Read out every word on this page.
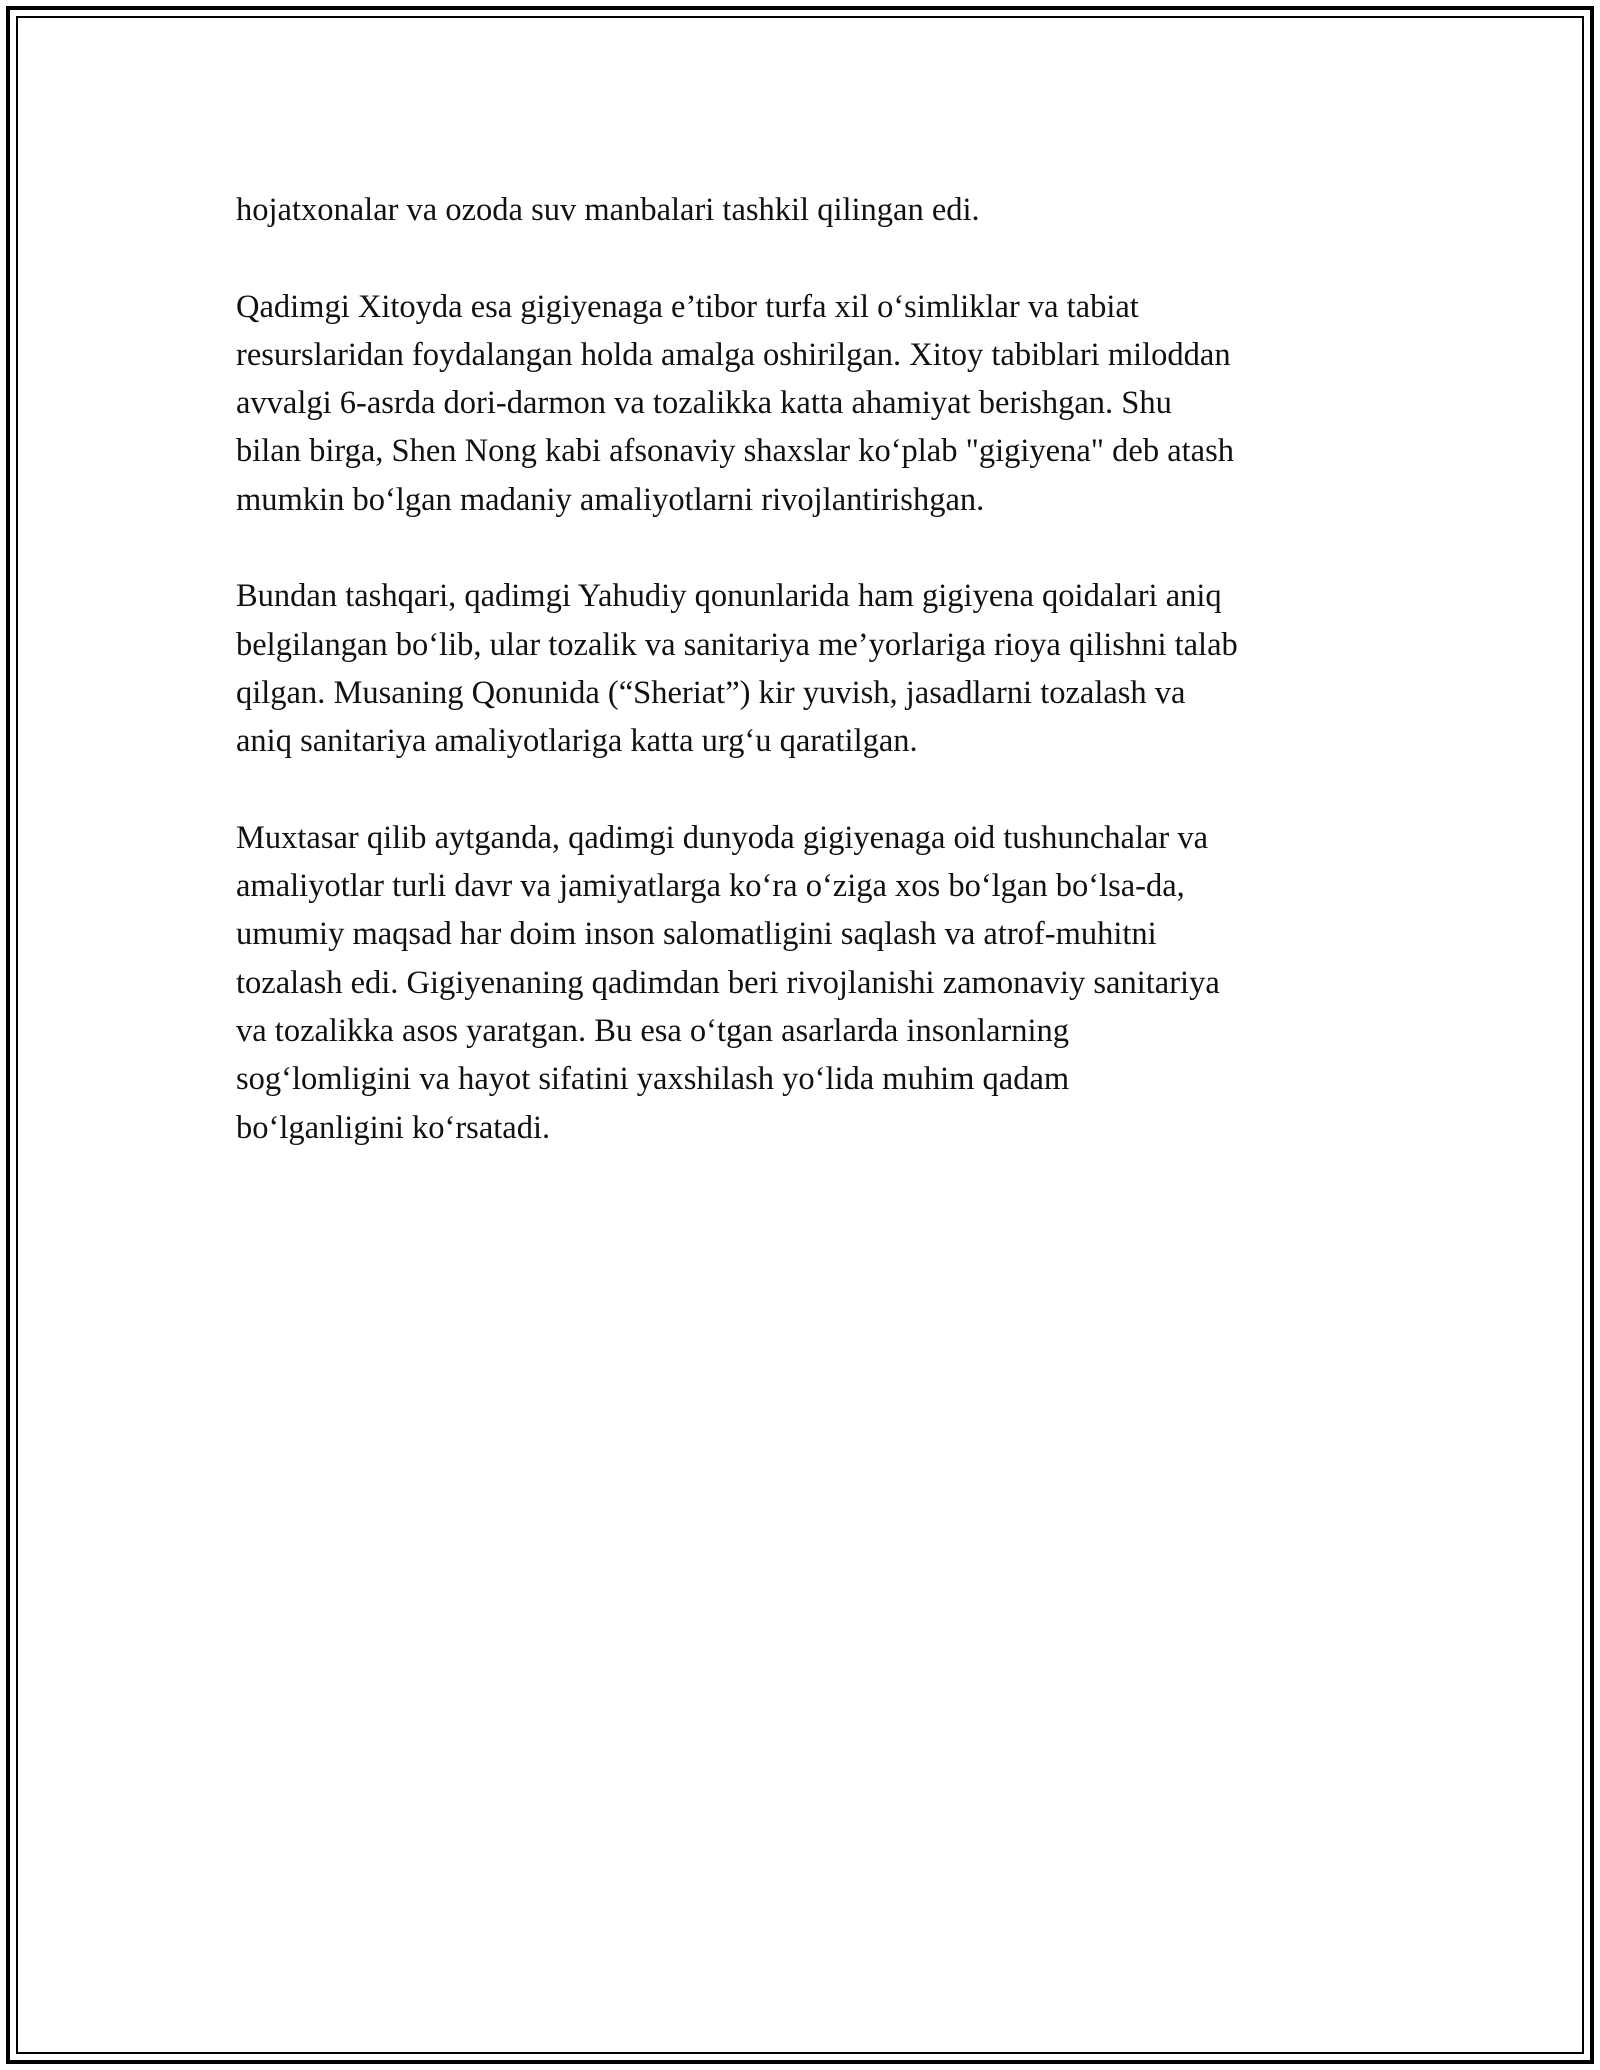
hojatxonalar va ozoda suv manbalari tashkil qilingan edi.

Qadimgi Xitoyda esa gigiyenaga e’tibor turfa xil o‘simliklar va tabiat
resurslaridan foydalangan holda amalga oshirilgan. Xitoy tabiblari miloddan
avvalgi 6-asrda dori-darmon va tozalikka katta ahamiyat berishgan. Shu
bilan birga, Shen Nong kabi afsonaviy shaxslar ko‘plab "gigiyena" deb atash
mumkin bo‘lgan madaniy amaliyotlarni rivojlantirishgan.

Bundan tashqari, qadimgi Yahudiy qonunlarida ham gigiyena qoidalari aniq
belgilangan bo‘lib, ular tozalik va sanitariya me’yorlariga rioya qilishni talab
qilgan. Musaning Qonunida (“Sheriat”) kir yuvish, jasadlarni tozalash va
aniq sanitariya amaliyotlariga katta urg‘u qaratilgan.

Muxtasar qilib aytganda, qadimgi dunyoda gigiyenaga oid tushunchalar va
amaliyotlar turli davr va jamiyatlarga ko‘ra o‘ziga xos bo‘lgan bo‘lsa-da,
umumiy maqsad har doim inson salomatligini saqlash va atrof-muhitni
tozalash edi. Gigiyenaning qadimdan beri rivojlanishi zamonaviy sanitariya
va tozalikka asos yaratgan. Bu esa o‘tgan asarlarda insonlarning
sog‘lomligini va hayot sifatini yaxshilash yo‘lida muhim qadam
bo‘lganligini ko‘rsatadi.
